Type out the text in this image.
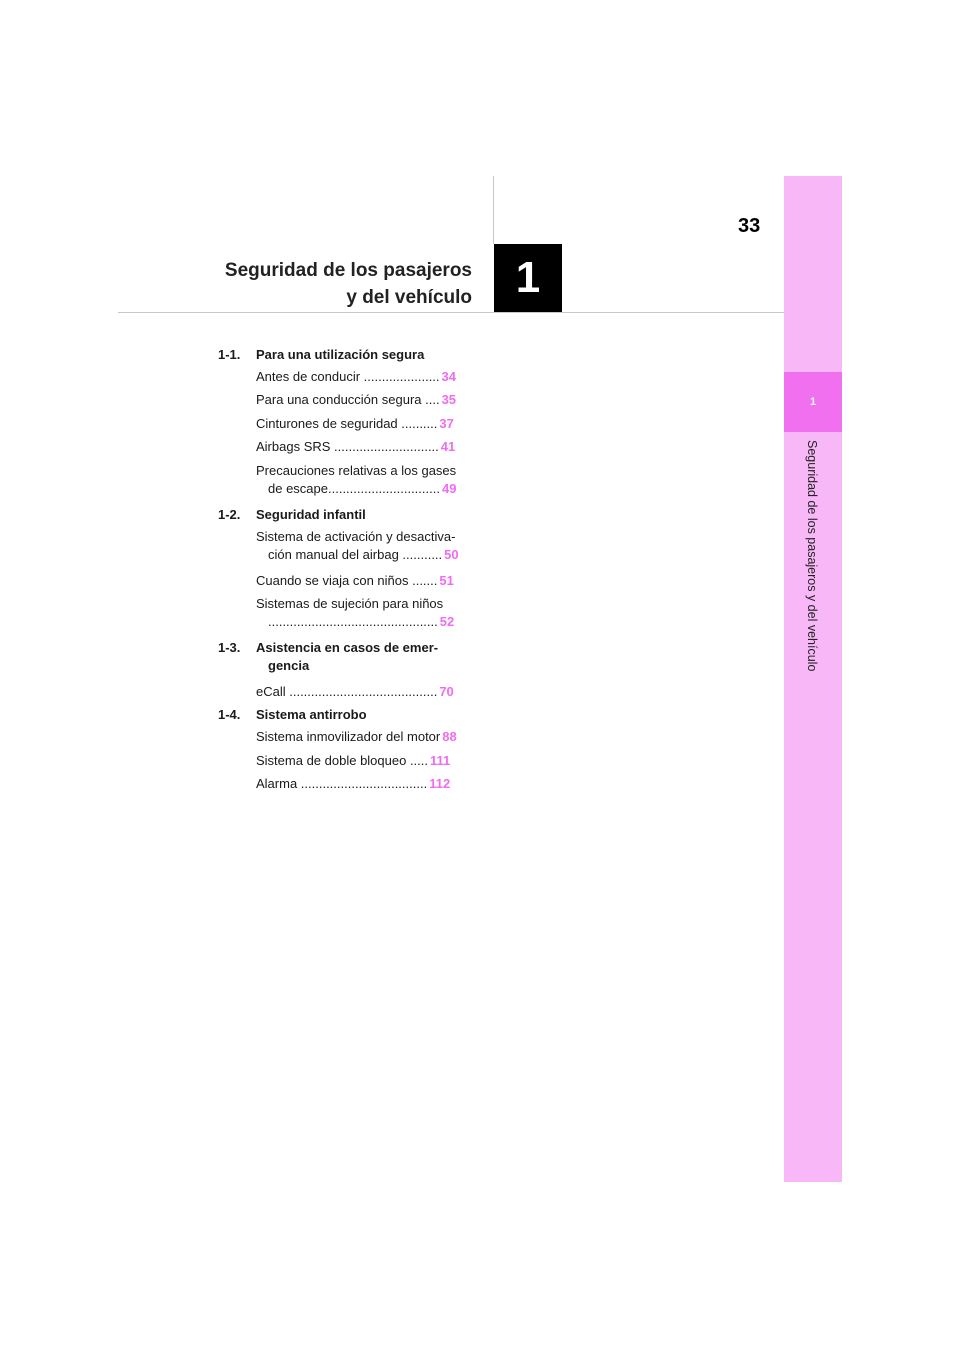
33
Seguridad de los pasajeros
y del vehículo 1
1
Seguridad de los pasajeros y del vehículo
1-1.	Para una utilización segura
Antes de conducir ..................... 34
Para una conducción segura .... 35
Cinturones de seguridad .......... 37
Airbags SRS ............................. 41
Precauciones relativas a los gases
de escape............................... 49
1-2.	Seguridad infantil
Sistema de activación y desactiva-
ción manual del airbag ........... 50
Cuando se viaja con niños ....... 51
Sistemas de sujeción para niños
............................................... 52
1-3.	Asistencia en casos de emer-
gencia
eCall ......................................... 70
1-4.	Sistema antirrobo
Sistema inmovilizador del motor 88
Sistema de doble bloqueo ..... 111
Alarma ................................... 112
